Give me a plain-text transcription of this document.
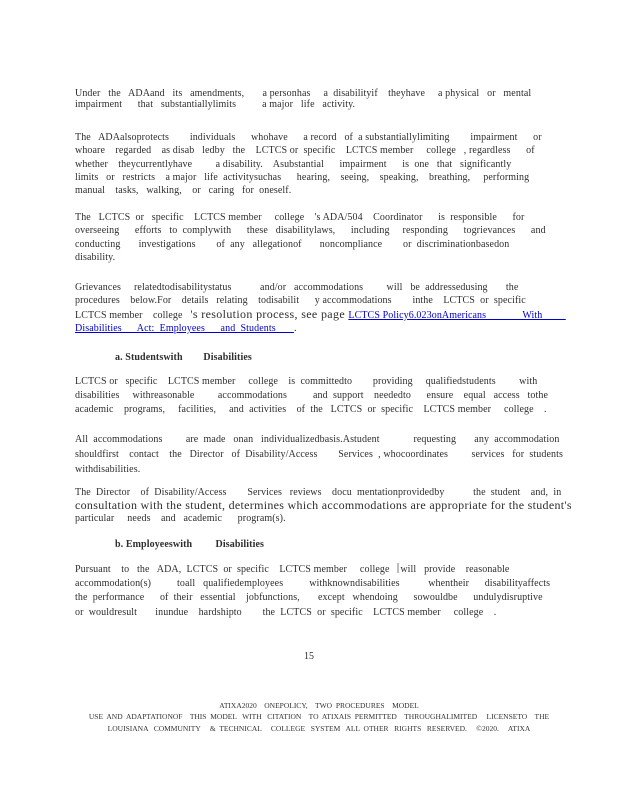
Under   the   ADAand   its   amendments,       a personhas     a  disabilityif    theyhave     a physical   or   mental
impairment      that   substantiallylimits          a major   life   activity.
The   ADAalsoprotects        individuals      whohave      a record   of  a substantiallylimiting        impairment      or
whoare    regarded    as disab   ledby   the    LCTCS or  specific    LCTCS member     college   , regardless      of
whether    theycurrentlyhave         a disability.    Asubstantial      impairment      is  one   that   significantly
limits   or   restricts    a major   life  activitysuchas      hearing,    seeing,    speaking,    breathing,     performing
manual    tasks,   walking,    or   caring   for  oneself.
The   LCTCS  or   specific    LCTCS member     college    's ADA/504    Coordinator      is  responsible      for
overseeing      efforts   to  complywith      these   disabilitylaws,      including     responding      togrievances      and
conducting       investigations        of  any   allegationof       noncompliance        or  discriminationbasedon
disability.
Grievances     relatedtodisabilitystatus           and/or   accommodations         will   be  addressedusing       the
procedures    below.For    details   relating    todisabilit      y accommodations        inthe    LCTCS  or  specific
LCTCS member    college   's resolution process, see page LCTCS Policy6.023onAmericans              With
Disabilities      Act:  Employees      and  Students       .
a. Studentswith        Disabilities
LCTCS or   specific    LCTCS member     college    is  committedto        providing     qualifiedstudents         with
disabilities     withreasonable         accommodations          and  support    neededto      ensure    equal   access   tothe
academic    programs,     facilities,     and  activities    of  the   LCTCS  or  specific    LCTCS member     college    .
All  accommodations         are  made   onan   individualizedbasis.Astudent             requesting       any  accommodation
shouldfirst    contact    the   Director   of  Disability/Access        Services  , whocoordinates         services   for  students
withdisabilities.
The  Director    of  Disability/Access        Services   reviews    docu  mentationprovidedby           the  student    and,  in
consultation with the student, determines which accommodations are appropriate for the student's
particular     needs    and   academic      program(s).
b. Employeeswith         Disabilities
Pursuant    to   the   ADA,  LCTCS  or  specific    LCTCS member     college   will   provide    reasonable
accommodation(s)          toall   qualifiedemployees          withknowndisabilities           whentheir      disabilityaffects
the  performance      of  their   essential    jobfunctions,       except   whendoing      sowouldbe      undulydisruptive
or  wouldresult       inundue    hardshipto        the  LCTCS  or  specific    LCTCS member     college    .
15
ATIXA2020    ONEPOLICY,    TWO  PROCEDURES    MODEL
USE  AND  ADAPTATIONOF    THIS  MODEL   WITH   CITATION    TO  ATIXAIS  PERMITTED    THROUGHALIMITED     LICENSETO    THE
LOUISIANA   COMMUNITY     &  TECHNICAL     COLLEGE   SYSTEM   ALL  OTHER   RIGHTS   RESERVED.     ©2020.     ATIXA
